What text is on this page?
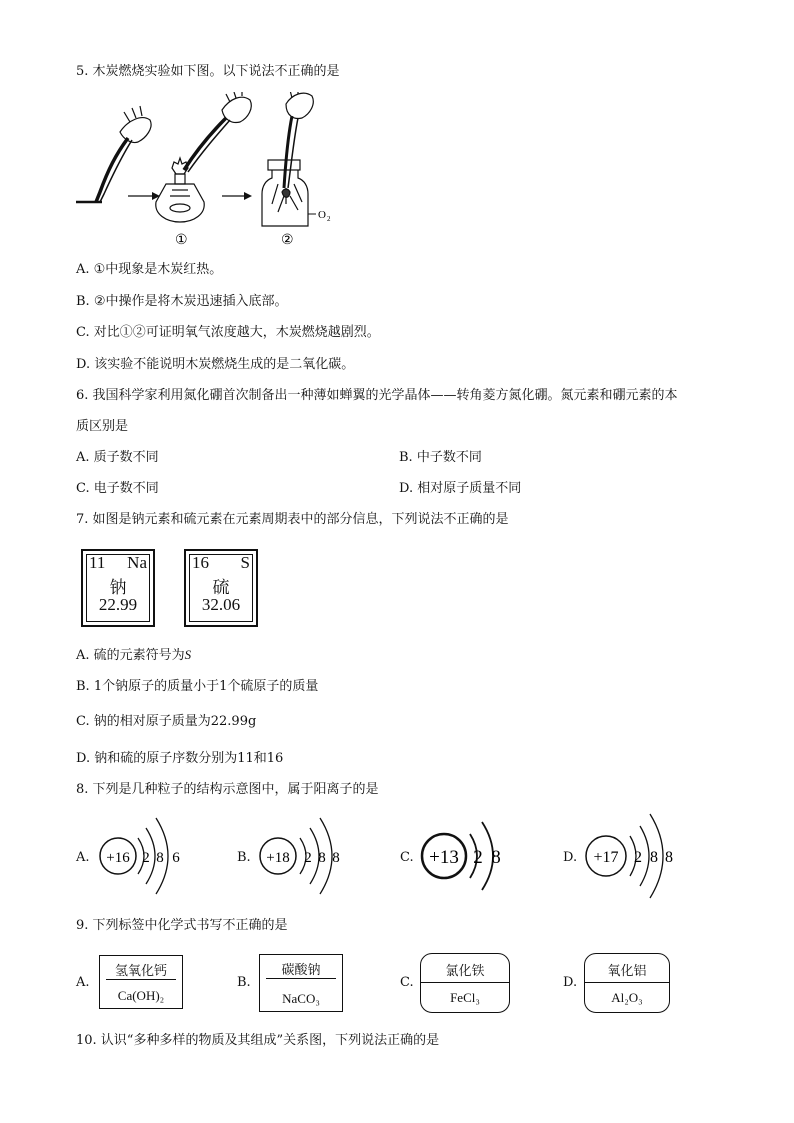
5. 木炭燃烧实验如下图。以下说法不正确的是
①
O 2
②
A. ①中现象是木炭红热。
B. ②中操作是将木炭迅速插入底部。
C. 对比①②可证明氧气浓度越大，木炭燃烧越剧烈。
D. 该实验不能说明木炭燃烧生成的是二氧化碳。
6. 我国科学家利用氮化硼首次制备出一种薄如蝉翼的光学晶体——转角菱方氮化硼。氮元素和硼元素的本
质区别是
A. 质子数不同	B. 中子数不同
C. 电子数不同	D. 相对原子质量不同
7. 如图是钠元素和硫元素在元素周期表中的部分信息，下列说法不正确的是
11 Na
钠
22.99
16 S
硫
32.06
A. 硫的元素符号为S
B. 1个钠原子的质量小于1个硫原子的质量
C. 钠的相对原子质量为22.99g
D. 钠和硫的原子序数分别为11和16
8. 下列是几种粒子的结构示意图中，属于阳离子的是
A. +16 2 8 6	B. +18 2 8 8	C. +13 2 8	D. +17 2 8 8
9. 下列标签中化学式书写不正确的是
A.
氢氧化钙
Ca(OH)₂
B.
碳酸钠
NaCO₃
C.
氯化铁
FeCl₃
D.
氧化铝
Al₂O₃
10. 认识“多种多样的物质及其组成”关系图，下列说法正确的是
